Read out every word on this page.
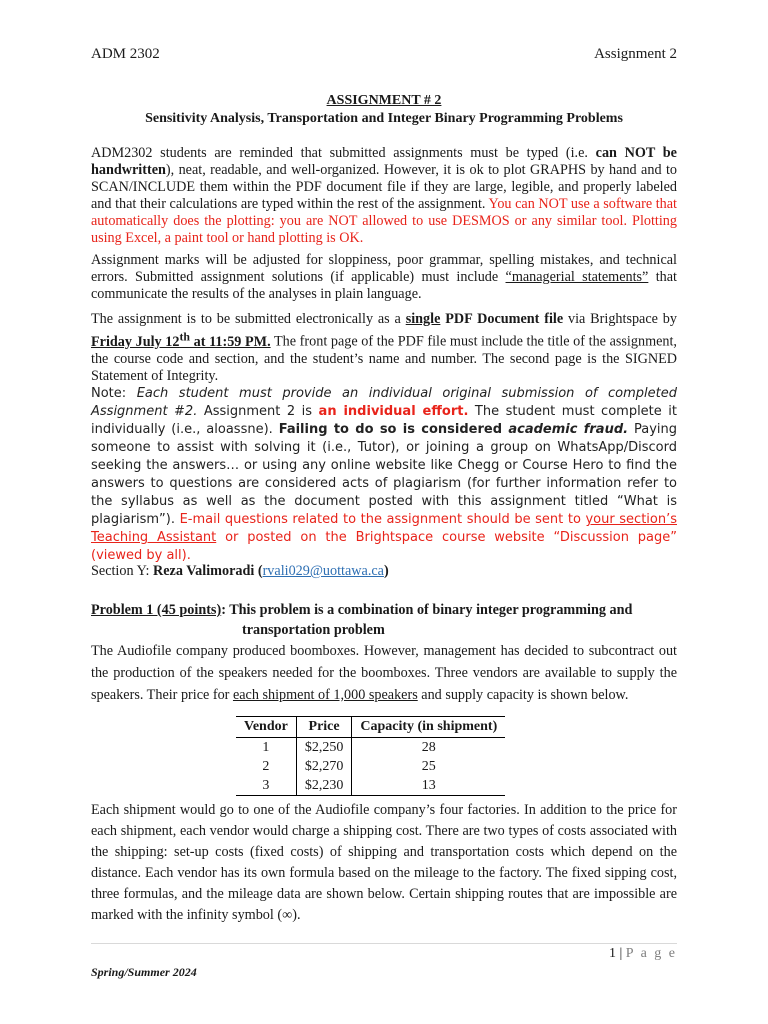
ADM 2302	Assignment 2
ASSIGNMENT # 2
Sensitivity Analysis, Transportation and Integer Binary Programming Problems
ADM2302 students are reminded that submitted assignments must be typed (i.e. can NOT be handwritten), neat, readable, and well-organized. However, it is ok to plot GRAPHS by hand and to SCAN/INCLUDE them within the PDF document file if they are large, legible, and properly labeled and that their calculations are typed within the rest of the assignment. You can NOT use a software that automatically does the plotting: you are NOT allowed to use DESMOS or any similar tool. Plotting using Excel, a paint tool or hand plotting is OK.
Assignment marks will be adjusted for sloppiness, poor grammar, spelling mistakes, and technical errors. Submitted assignment solutions (if applicable) must include “managerial statements” that communicate the results of the analyses in plain language.
The assignment is to be submitted electronically as a single PDF Document file via Brightspace by Friday July 12th at 11:59 PM. The front page of the PDF file must include the title of the assignment, the course code and section, and the student’s name and number. The second page is the SIGNED Statement of Integrity.
Note: Each student must provide an individual original submission of completed Assignment #2. Assignment 2 is an individual effort. The student must complete it individually (i.e., aloassne). Failing to do so is considered academic fraud. Paying someone to assist with solving it (i.e., Tutor), or joining a group on WhatsApp/Discord seeking the answers… or using any online website like Chegg or Course Hero to find the answers to questions are considered acts of plagiarism (for further information refer to the syllabus as well as the document posted with this assignment titled “What is plagiarism”). E-mail questions related to the assignment should be sent to your section’s Teaching Assistant or posted on the Brightspace course website “Discussion page” (viewed by all).
Section Y: Reza Valimoradi (rvali029@uottawa.ca)
Problem 1 (45 points): This problem is a combination of binary integer programming and
transportation problem
The Audiofile company produced boomboxes. However, management has decided to subcontract out the production of the speakers needed for the boomboxes. Three vendors are available to supply the speakers. Their price for each shipment of 1,000 speakers and supply capacity is shown below.
Vendor	Price	Capacity (in shipment)
1	$2,250	28
2	$2,270	25
3	$2,230	13
Each shipment would go to one of the Audiofile company’s four factories. In addition to the price for each shipment, each vendor would charge a shipping cost. There are two types of costs associated with the shipping: set-up costs (fixed costs) of shipping and transportation costs which depend on the distance. Each vendor has its own formula based on the mileage to the factory. The fixed sipping cost, three formulas, and the mileage data are shown below. Certain shipping routes that are impossible are marked with the infinity symbol (∞).
1 | P a g e
Spring/Summer 2024
